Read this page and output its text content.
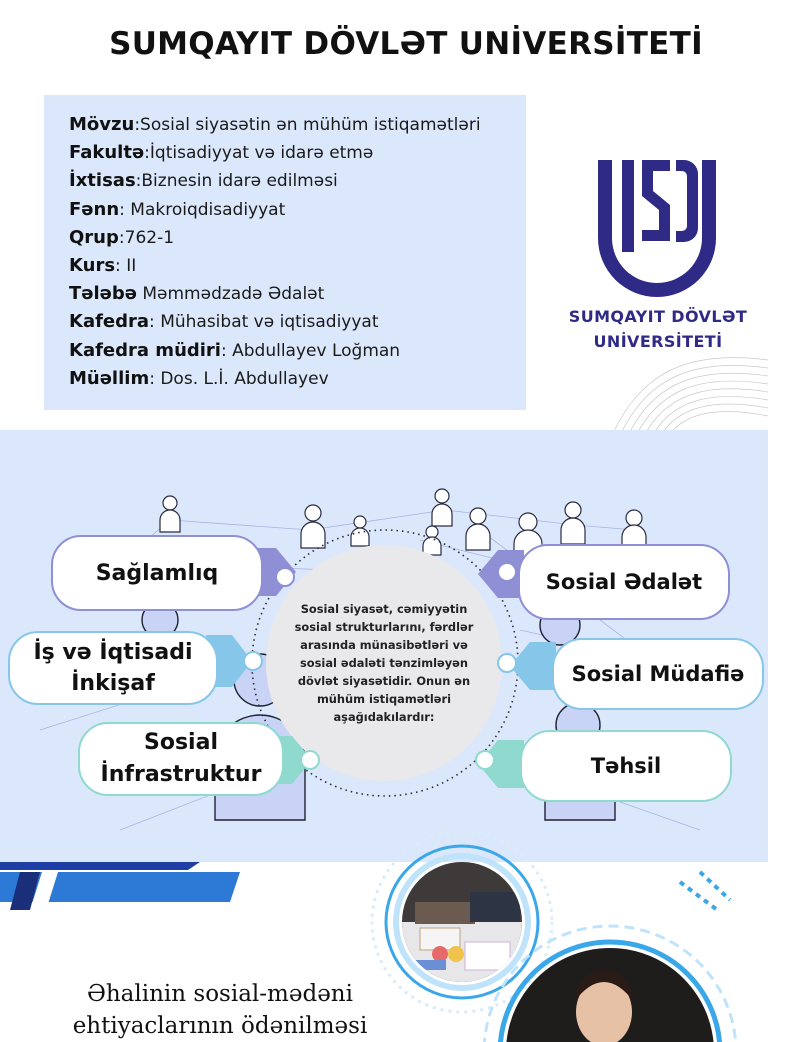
SUMQAYIT DÖVLƏT UNİVERSİTETİ
Mövzu:Sosial siyasətin ən mühüm istiqamətləri
Fakultə:İqtisadiyyat və idarə etmə
İxtisas:Biznesin idarə edilməsi
Fənn: Makroiqdisadiyyat
Qrup:762-1
Kurs: II
Tələbə Məmmədzadə Ədalət
Kafedra: Mühasibat və iqtisadiyyat
Kafedra müdiri: Abdullayev Loğman
Müəllim: Dos. L.İ. Abdullayev
SUMQAYIT DÖVLƏT
UNİVERSİTETİ

Sosial siyasət, cəmiyyətin sosial strukturlarını, fərdlər arasında münasibətləri və sosial ədaləti tənzimləyən dövlət siyasətidir. Onun ən mühüm istiqamətləri aşağıdakılardır:

Sağlamlıq
İş və İqtisadi
İnkişaf
Sosial
İnfrastruktur
Sosial Ədalət
Sosial Müdafiə
Təhsil
Əhalinin sosial-mədəni
ehtiyaclarının ödənilməsi
